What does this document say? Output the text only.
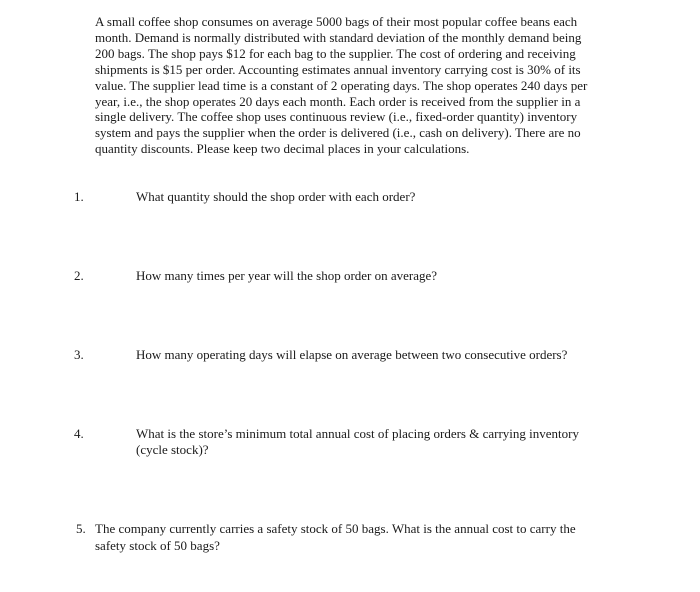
A small coffee shop consumes on average 5000 bags of their most popular coffee beans each
month. Demand is normally distributed with standard deviation of the monthly demand being
200 bags. The shop pays $12 for each bag to the supplier. The cost of ordering and receiving
shipments is $15 per order. Accounting estimates annual inventory carrying cost is 30% of its
value. The supplier lead time is a constant of 2 operating days. The shop operates 240 days per
year, i.e., the shop operates 20 days each month. Each order is received from the supplier in a
single delivery. The coffee shop uses continuous review (i.e., fixed-order quantity) inventory
system and pays the supplier when the order is delivered (i.e., cash on delivery). There are no
quantity discounts. Please keep two decimal places in your calculations.
1.	What quantity should the shop order with each order?
2.	How many times per year will the shop order on average?
3.	How many operating days will elapse on average between two consecutive orders?
4.	What is the store’s minimum total annual cost of placing orders & carrying inventory
(cycle stock)?
5. The company currently carries a safety stock of 50 bags. What is the annual cost to carry the
safety stock of 50 bags?
